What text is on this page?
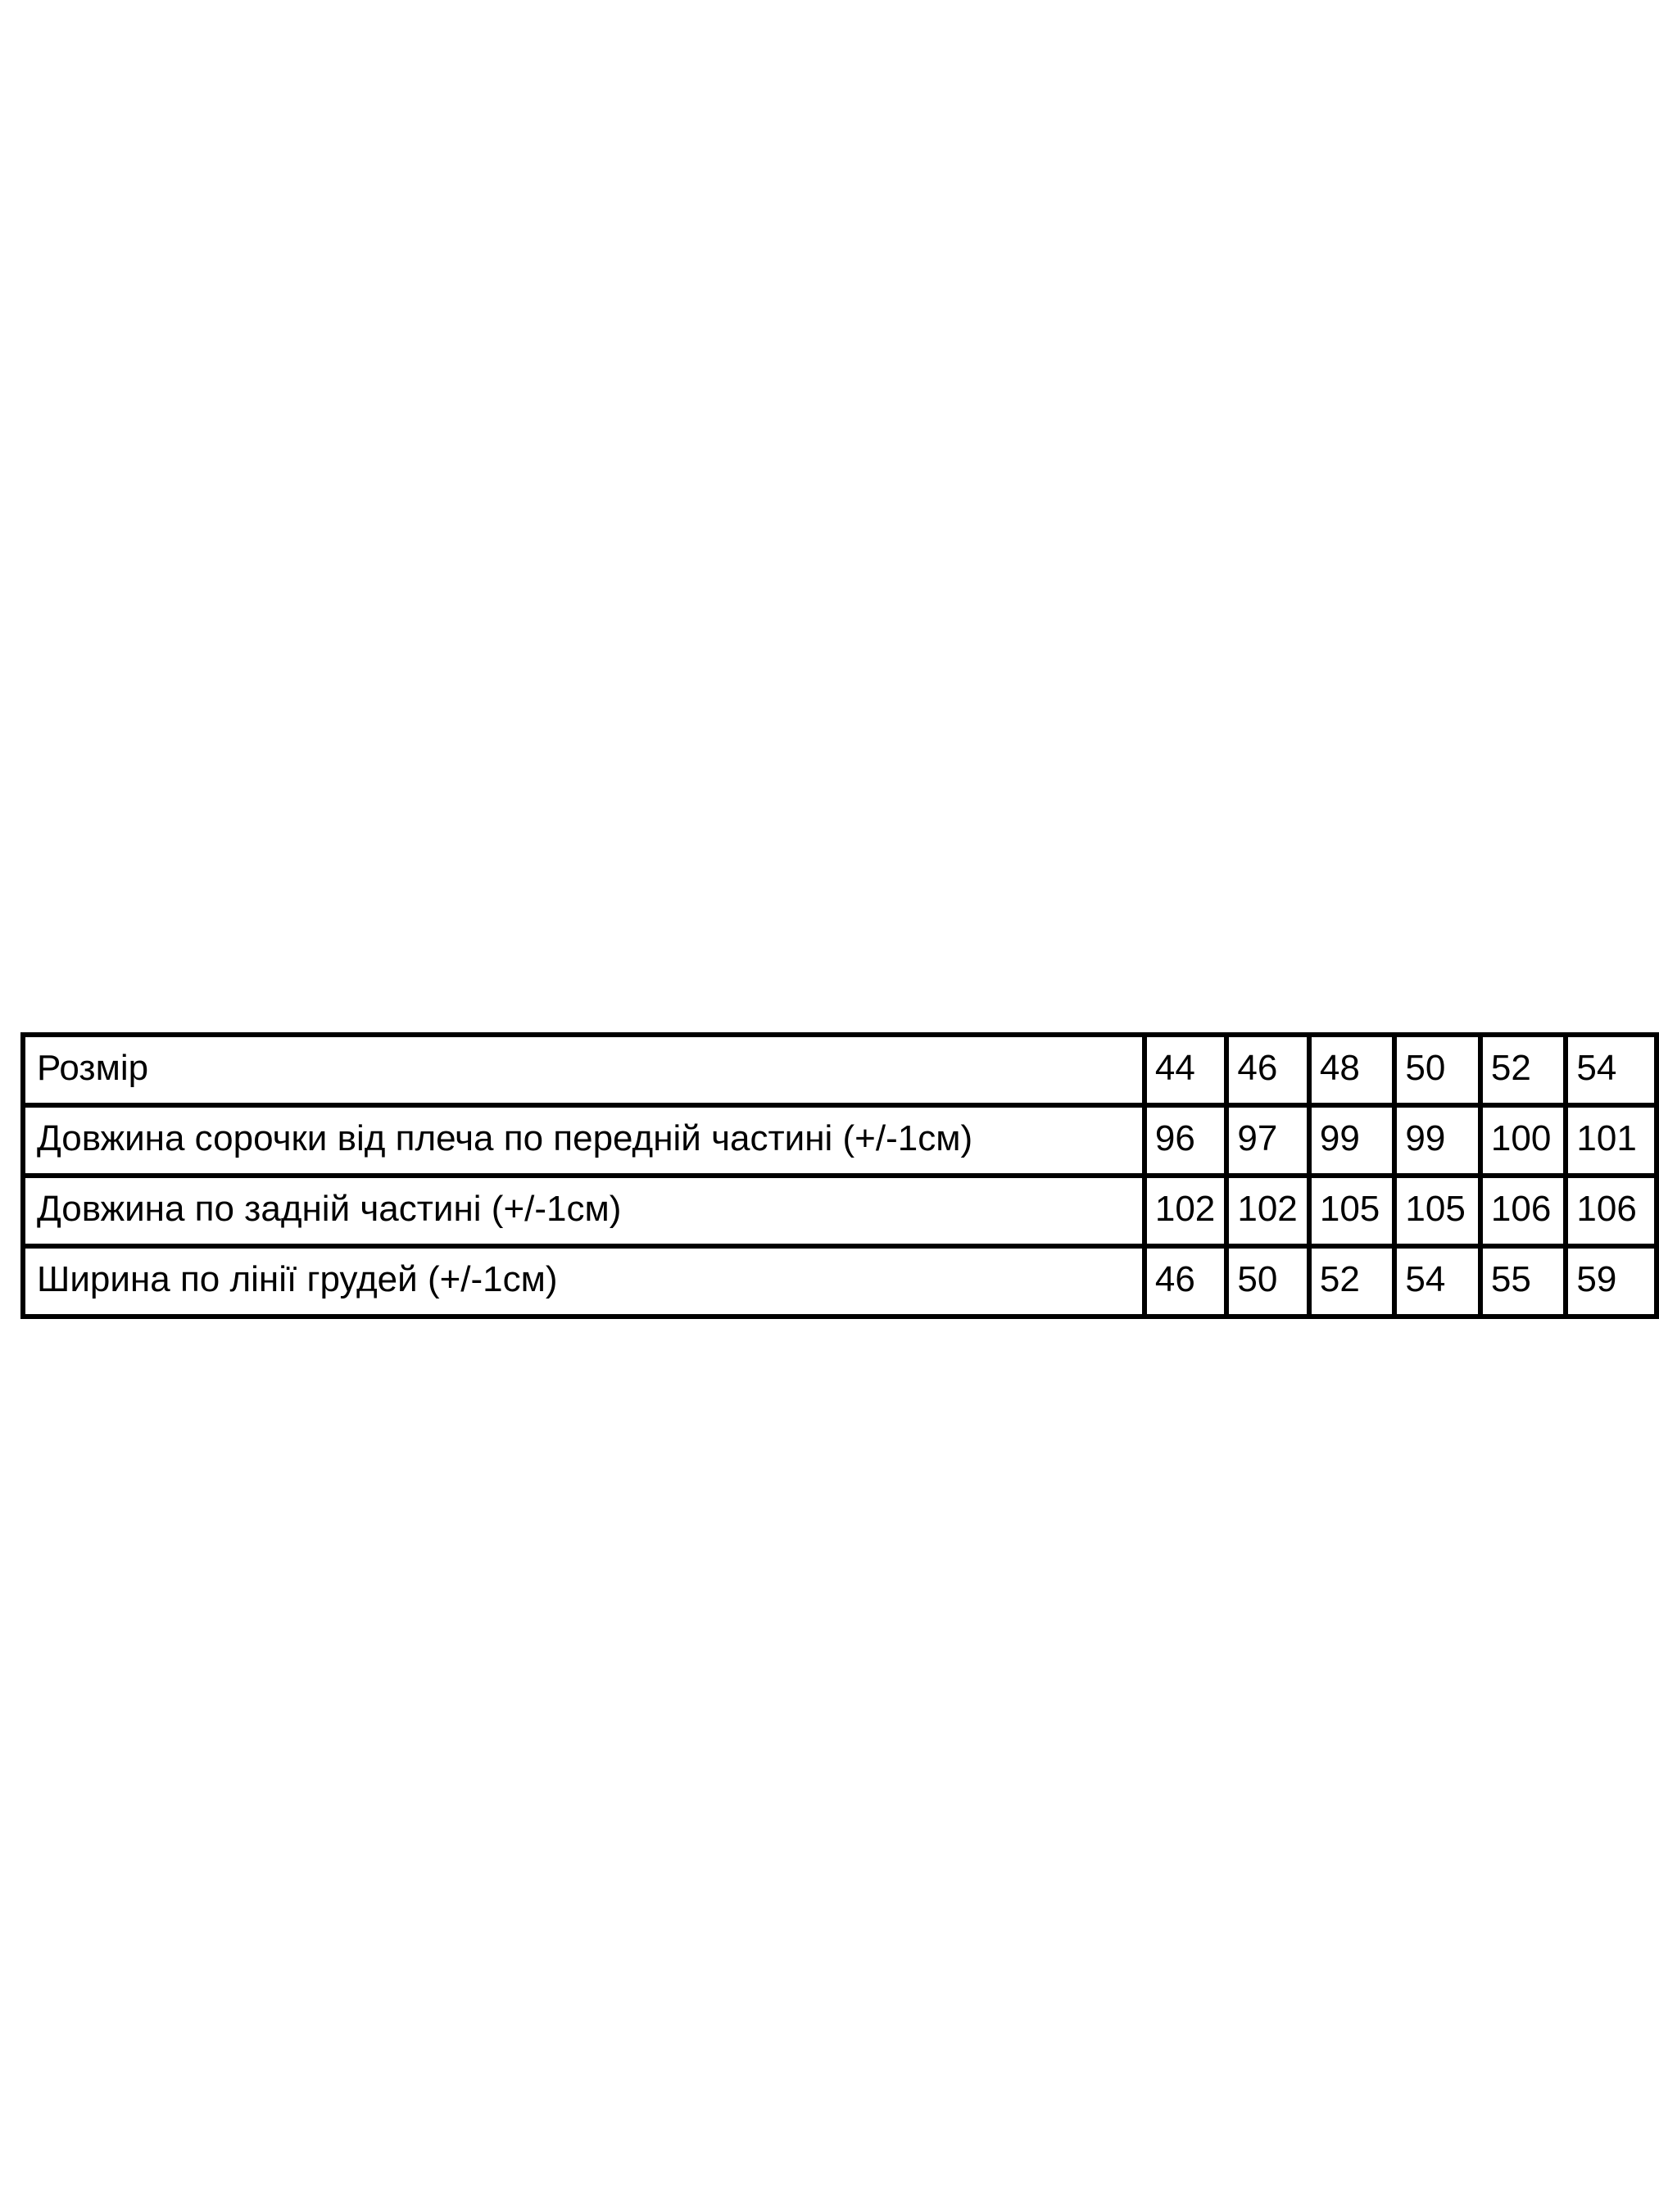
Розмір	44	46	48	50	52	54
Довжина сорочки від плеча по передній частині (+/-1см)	96	97	99	99	100	101
Довжина по задній частині (+/-1см)	102	102	105	105	106	106
Ширина по лінії грудей (+/-1см)	46	50	52	54	55	59
